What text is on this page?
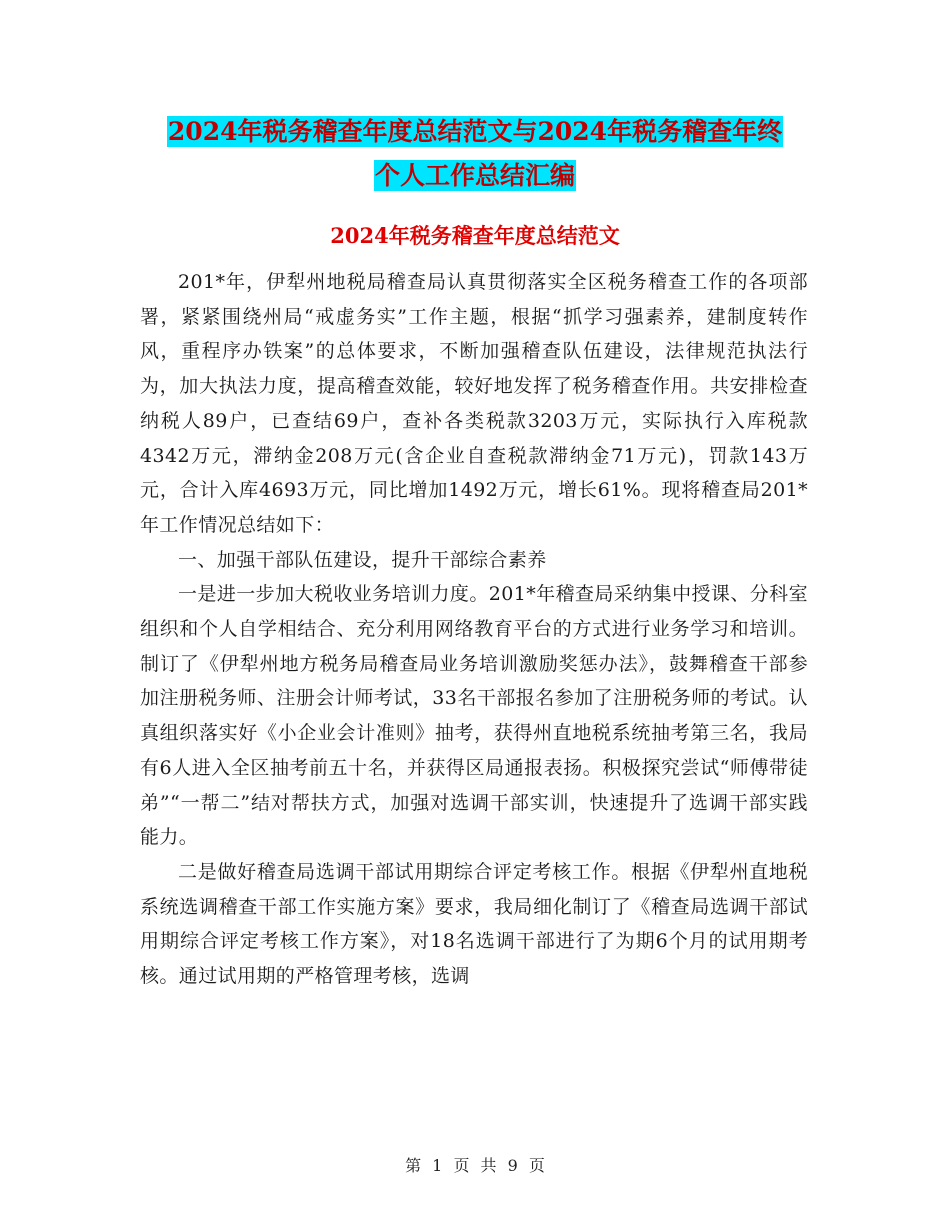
2024年税务稽查年度总结范文与2024年税务稽查年终
个人工作总结汇编
2024年税务稽查年度总结范文

201*年，伊犁州地税局稽查局认真贯彻落实全区税务稽查工作的各项部署，紧紧围绕州局“戒虚务实”工作主题，根据“抓学习强素养，建制度转作风，重程序办铁案”的总体要求，不断加强稽查队伍建设，法律规范执法行为，加大执法力度，提高稽查效能，较好地发挥了税务稽查作用。共安排检查纳税人89户，已查结69户，查补各类税款3203万元，实际执行入库税款4342万元，滞纳金208万元(含企业自查税款滞纳金71万元)，罚款143万元，合计入库4693万元，同比增加1492万元，增长61%。现将稽查局201*年工作情况总结如下：

一、加强干部队伍建设，提升干部综合素养

一是进一步加大税收业务培训力度。201*年稽查局采纳集中授课、分科室组织和个人自学相结合、充分利用网络教育平台的方式进行业务学习和培训。制订了《伊犁州地方税务局稽查局业务培训激励奖惩办法》，鼓舞稽查干部参加注册税务师、注册会计师考试，33名干部报名参加了注册税务师的考试。认真组织落实好《小企业会计准则》抽考，获得州直地税系统抽考第三名，我局有6人进入全区抽考前五十名，并获得区局通报表扬。积极探究尝试“师傅带徒弟”“一帮二”结对帮扶方式，加强对选调干部实训，快速提升了选调干部实践能力。

二是做好稽查局选调干部试用期综合评定考核工作。根据《伊犁州直地税系统选调稽查干部工作实施方案》要求，我局细化制订了《稽查局选调干部试用期综合评定考核工作方案》，对18名选调干部进行了为期6个月的试用期考核。通过试用期的严格管理考核，选调

第 1 页 共 9 页
